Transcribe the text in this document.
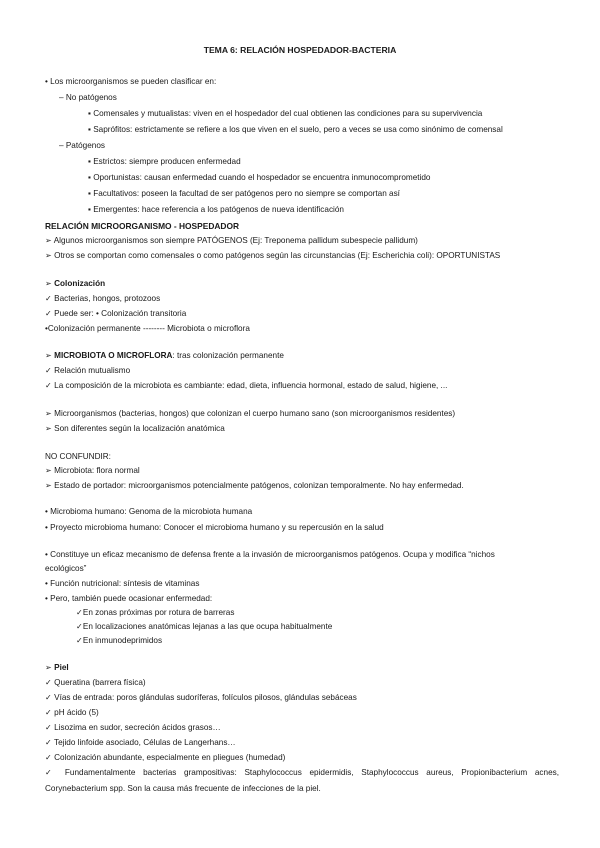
TEMA 6: RELACIÓN HOSPEDADOR-BACTERIA
• Los microorganismos se pueden clasificar en:
– No patógenos
▪ Comensales y mutualistas: viven en el hospedador del cual obtienen las condiciones para su supervivencia
▪ Saprófitos: estrictamente se refiere a los que viven en el suelo, pero a veces se usa como sinónimo de comensal
– Patógenos
▪ Estrictos: siempre producen enfermedad
▪ Oportunistas: causan enfermedad cuando el hospedador se encuentra inmunocomprometido
▪ Facultativos: poseen la facultad de ser patógenos pero no siempre se comportan así
▪ Emergentes: hace referencia a los patógenos de nueva identificación
RELACIÓN MICROORGANISMO - HOSPEDADOR
➢ Algunos microorganismos son siempre PATÓGENOS (Ej: Treponema pallidum subespecie pallidum)
➢ Otros se comportan como comensales o como patógenos según las circunstancias (Ej: Escherichia coli): OPORTUNISTAS
➢ Colonización
✓ Bacterias, hongos, protozoos
✓ Puede ser: • Colonización transitoria
•Colonización permanente -------- Microbiota o microflora
➢ MICROBIOTA O MICROFLORA: tras colonización permanente
✓ Relación mutualismo
✓ La composición de la microbiota es cambiante: edad, dieta, influencia hormonal, estado de salud, higiene, ...
➢ Microorganismos (bacterias, hongos) que colonizan el cuerpo humano sano (son microorganismos residentes)
➢ Son diferentes según la localización anatómica
NO CONFUNDIR:
➢ Microbiota: flora normal
➢ Estado de portador: microorganismos potencialmente patógenos, colonizan temporalmente. No hay enfermedad.
• Microbioma humano: Genoma de la microbiota humana
• Proyecto microbioma humano: Conocer el microbioma humano y su repercusión en la salud
• Constituye un eficaz mecanismo de defensa frente a la invasión de microorganismos patógenos. Ocupa y modifica “nichos
ecológicos”
• Función nutricional: síntesis de vitaminas
• Pero, también puede ocasionar enfermedad:
✓En zonas próximas por rotura de barreras
✓En localizaciones anatómicas lejanas a las que ocupa habitualmente
✓En inmunodeprimidos
➢ Piel
✓ Queratina (barrera física)
✓ Vías de entrada: poros glándulas sudoríferas, folículos pilosos, glándulas sebáceas
✓ pH ácido (5)
✓ Lisozima en sudor, secreción ácidos grasos…
✓ Tejido linfoide asociado, Células de Langerhans…
✓ Colonización abundante, especialmente en pliegues (humedad)
✓ Fundamentalmente bacterias grampositivas: Staphylococcus epidermidis, Staphylococcus aureus, Propionibacterium acnes, Corynebacterium spp. Son la causa más frecuente de infecciones de la piel.
